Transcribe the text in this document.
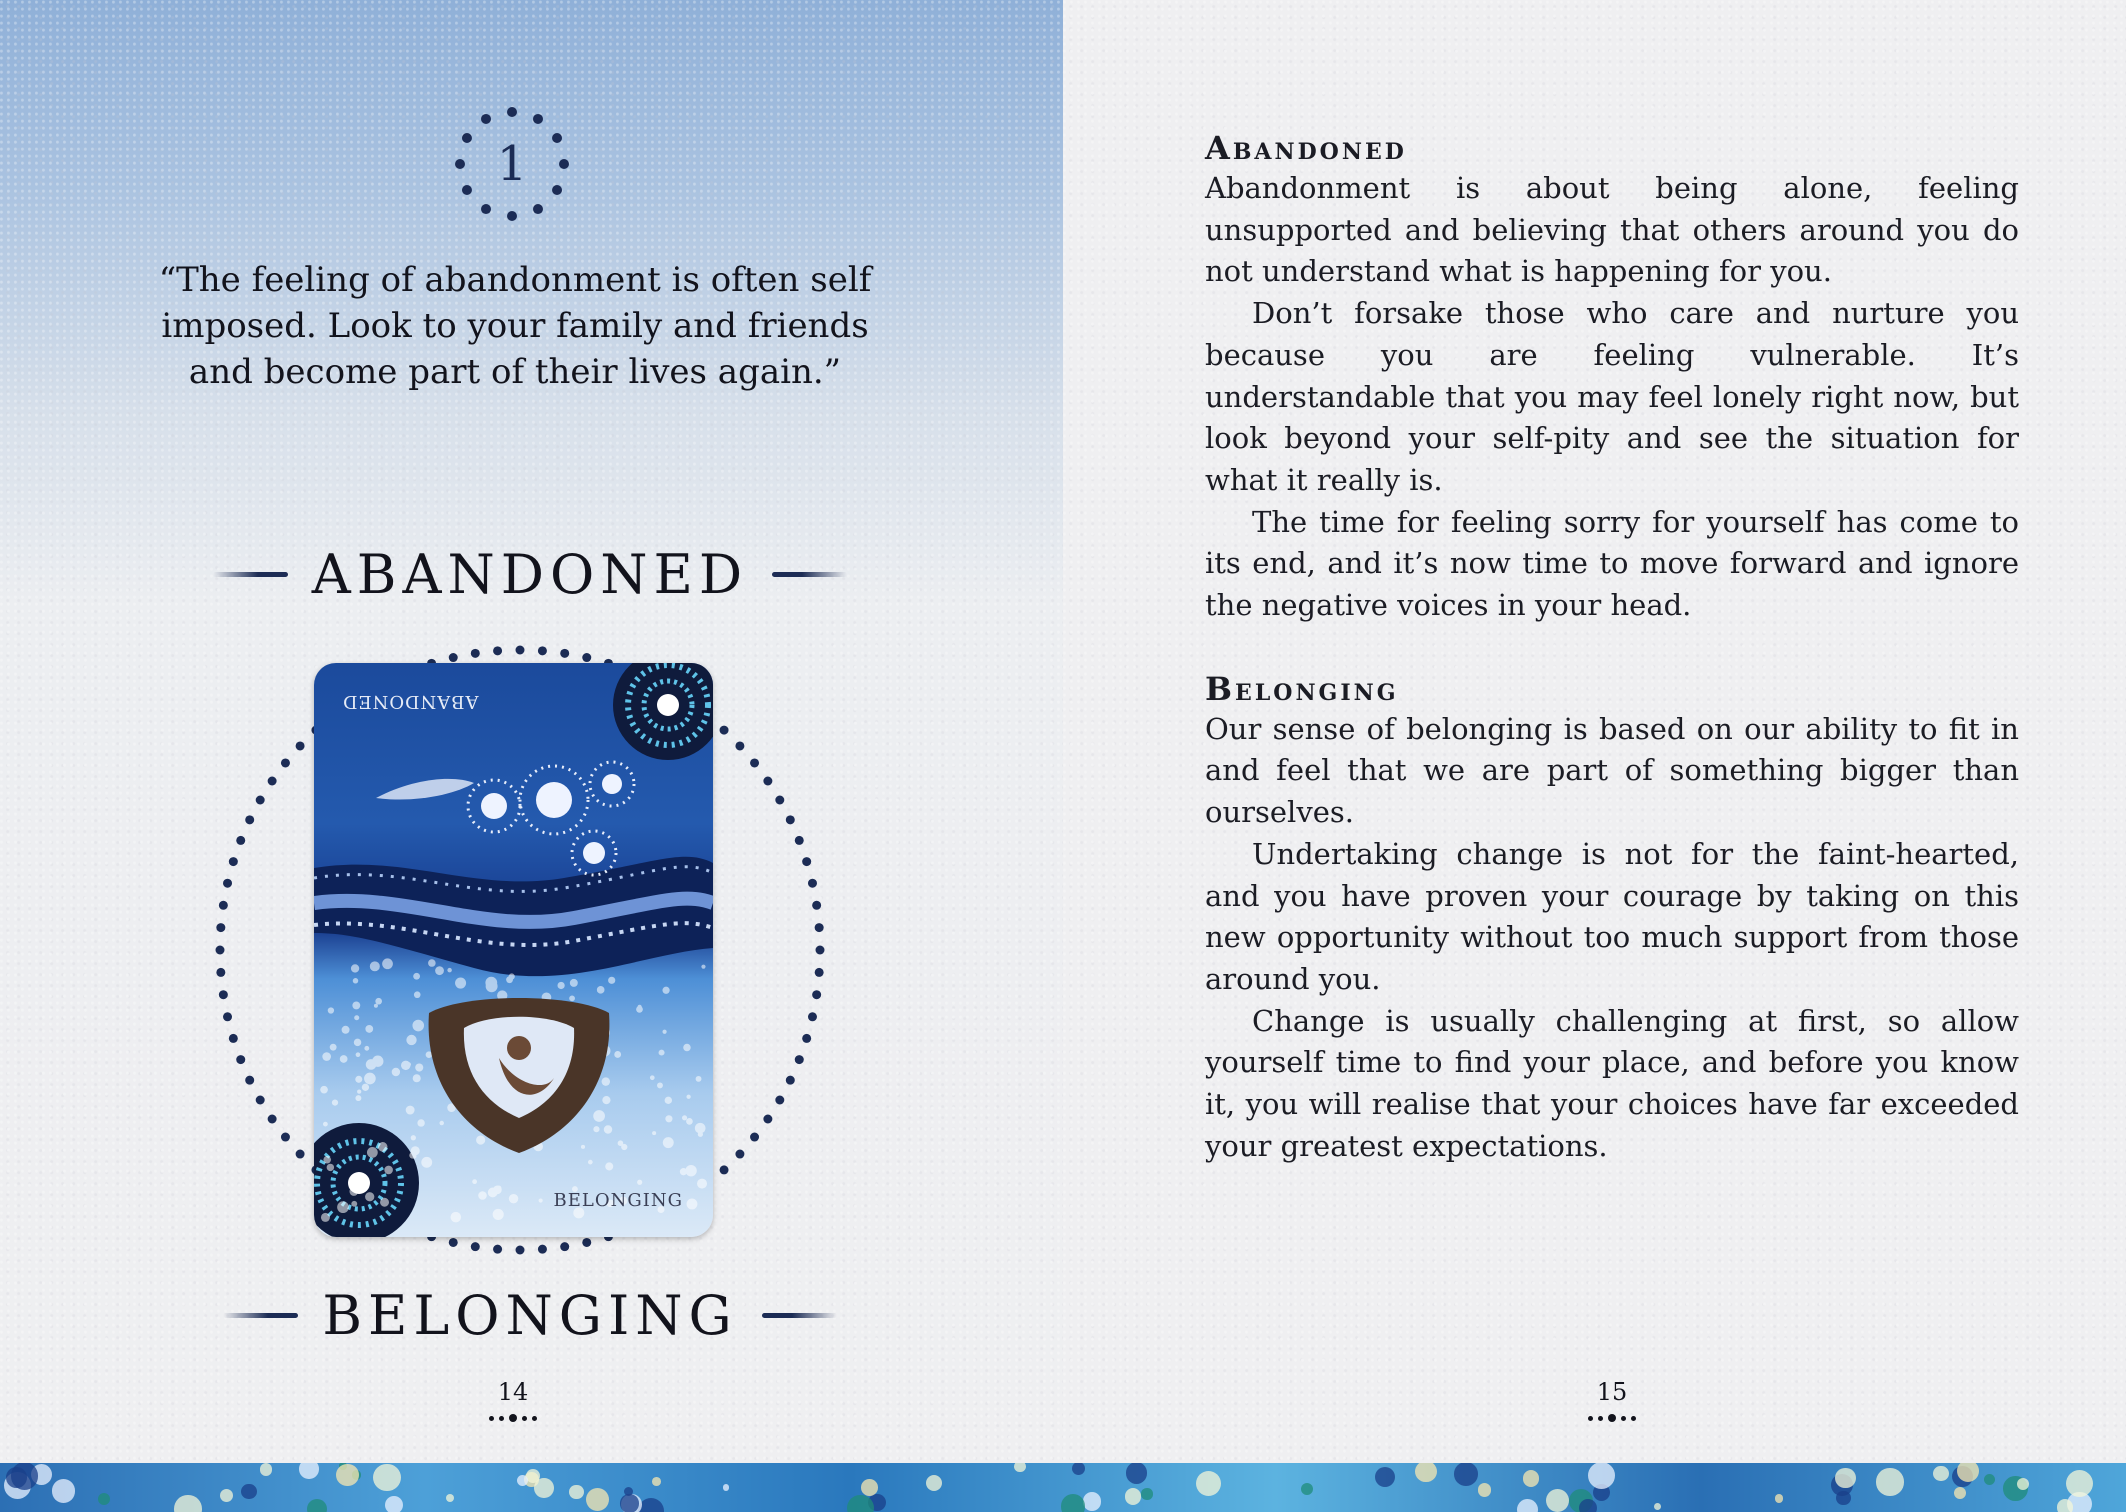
1
“The feeling of abandonment is often self imposed. Look to your family and friends and become part of their lives again.”
ABANDONED
ABANDONED
BELONGING
BELONGING
14
Abandoned

Abandonment is about being alone, feeling unsupported and believing that others around you do not understand what is happening for you.

Don’t forsake those who care and nurture you because you are feeling vulnerable. It’s understandable that you may feel lonely right now, but look beyond your self-pity and see the situation for what it really is.

The time for feeling sorry for yourself has come to its end, and it’s now time to move forward and ignore the negative voices in your head.

Belonging

Our sense of belonging is based on our ability to fit in and feel that we are part of something bigger than ourselves.

Undertaking change is not for the faint-hearted, and you have proven your courage by taking on this new opportunity without too much support from those around you.

Change is usually challenging at first, so allow yourself time to find your place, and before you know it, you will realise that your choices have far exceeded your greatest expectations.

15
